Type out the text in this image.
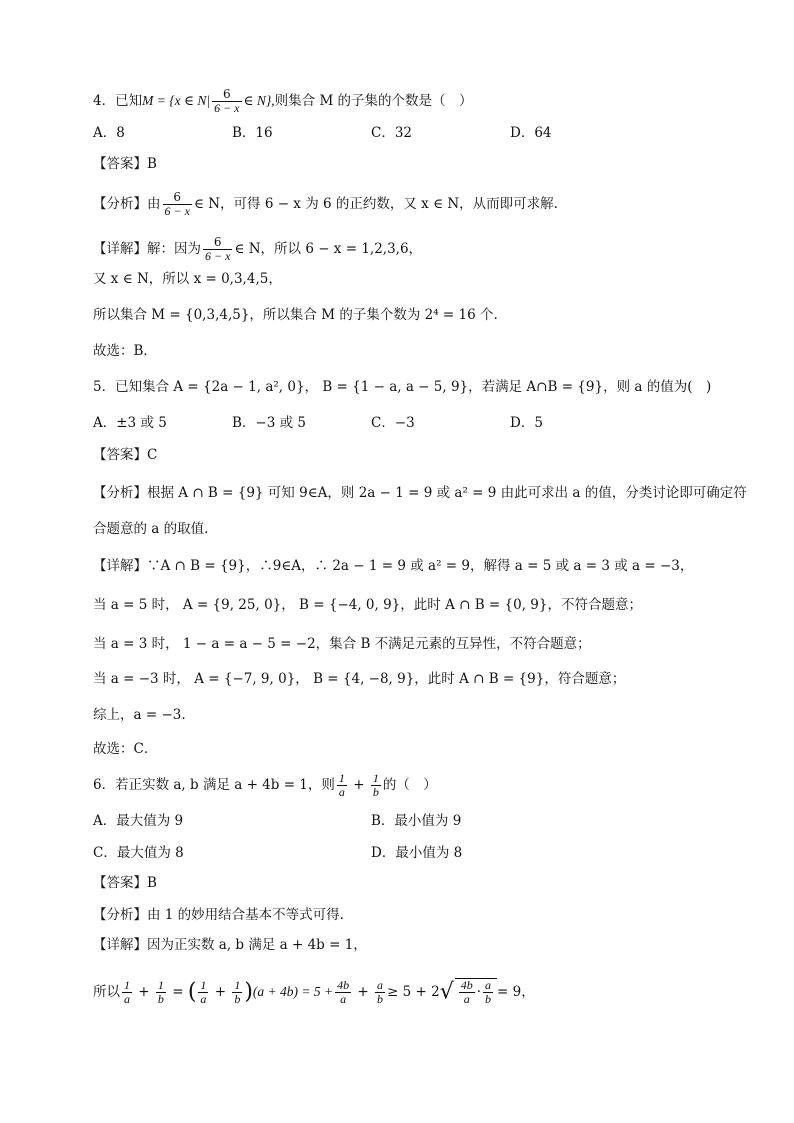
4．已知M = {x ∈ $N| \frac{6}{6 - x}$ ∈ N},则集合 M 的子集的个数是（　）
A．8	B．16	C．32	D．64
【答案】B
【分析】由 $\frac{6}{6 - x}$ ∈ N，可得 6 − x 为 6 的正约数，又 x ∈ N，从而即可求解.
【详解】解：因为 $\frac{6}{6 - x}$ ∈ N，所以 6 − x = 1,2,3,6，
又 x ∈ N，所以 x = 0,3,4,5，
所以集合 M = {0,3,4,5}，所以集合 M 的子集个数为 2⁴ = 16 个.
故选：B．
5．已知集合 A = {2a − 1, a², 0}， B = {1 − a, a − 5, 9}，若满足 A∩B = {9}，则 a 的值为(　)
A．±3 或 5	B．−3 或 5	C．−3	D．5
【答案】C
【分析】根据 A ∩ B = {9} 可知 9∈A，则 2a − 1 = 9 或 a² = 9 由此可求出 a 的值，分类讨论即可确定符
合题意的 a 的取值.
【详解】∵A ∩ B = {9}，∴9∈A，∴ 2a − 1 = 9 或 a² = 9，解得 a = 5 或 a = 3 或 a = −3，
当 a = 5 时， A = {9, 25, 0}， B = {−4, 0, 9}，此时 A ∩ B = {0, 9}，不符合题意；
当 a = 3 时， 1 − a = a − 5 = −2，集合 B 不满足元素的互异性，不符合题意；
当 a = −3 时， A = {−7, 9, 0}， B = {4, −8, 9}，此时 A ∩ B = {9}，符合题意；
综上，a = −3.
故选：C．
6．若正实数 a, b 满足 a + 4b = 1，则 $\frac{1}{a} + \frac{1}{b}$ 的（　）
A．最大值为 9	B．最小值为 9
C．最大值为 8	D．最小值为 8
【答案】B
【分析】由 1 的妙用结合基本不等式可得.
【详解】因为正实数 a, b 满足 a + 4b = 1，
所以 $\frac{1}{a} + \frac{1}{b}$ = ( $\frac{1}{a} + \frac{1}{b} )(a + 4b) = 5 + \frac{4b}{a} + \frac{a}{b} \ge 5 + 2√ \frac{4b}{a} \cdot \frac{a}{b} = 9$，
